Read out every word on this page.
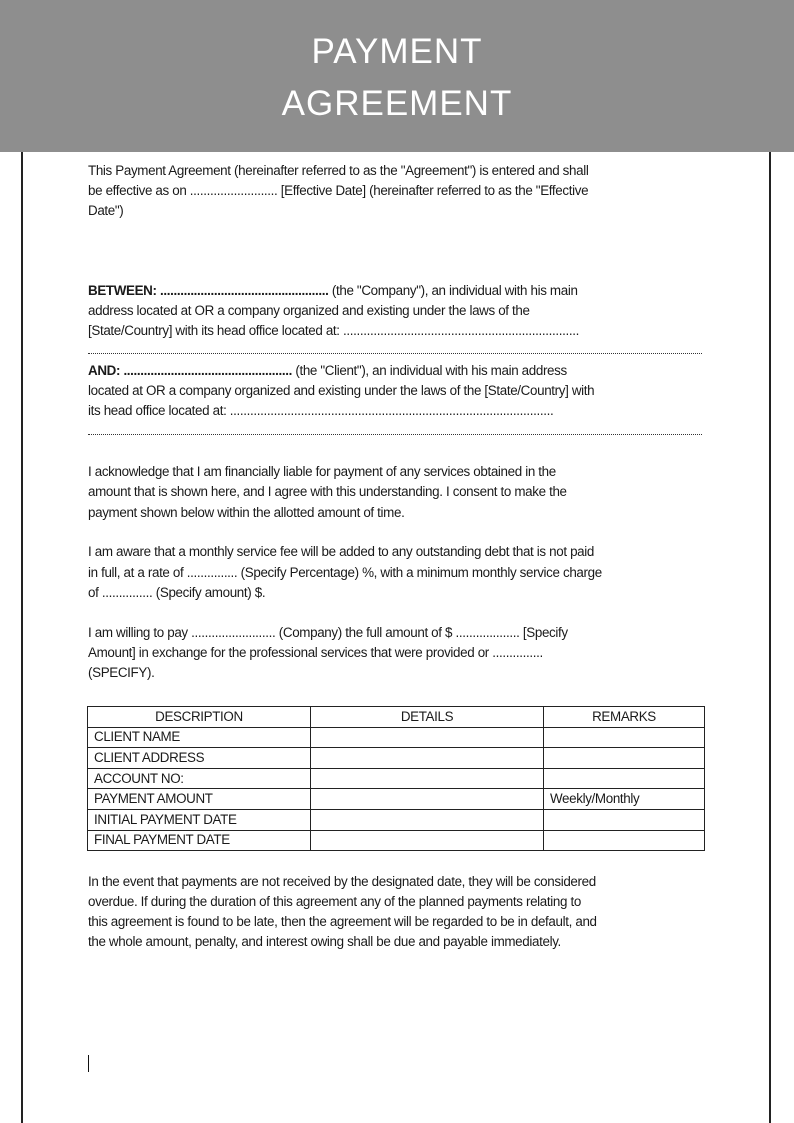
PAYMENT
AGREEMENT
This Payment Agreement (hereinafter referred to as the "Agreement") is entered and shall
be effective as on .......................... [Effective Date] (hereinafter referred to as the "Effective
Date")
BETWEEN: .................................................. (the "Company"), an individual with his main
address located at OR a company organized and existing under the laws of the
[State/Country] with its head office located at: ......................................................................
AND: .................................................. (the "Client"), an individual with his main address
located at OR a company organized and existing under the laws of the [State/Country] with
its head office located at: ................................................................................................
I acknowledge that I am financially liable for payment of any services obtained in the
amount that is shown here, and I agree with this understanding. I consent to make the
payment shown below within the allotted amount of time.
I am aware that a monthly service fee will be added to any outstanding debt that is not paid
in full, at a rate of ............... (Specify Percentage) %, with a minimum monthly service charge
of ............... (Specify amount) $.
I am willing to pay ......................... (Company) the full amount of $ ................... [Specify
Amount] in exchange for the professional services that were provided or ...............
(SPECIFY).
DESCRIPTION	DETAILS	REMARKS
CLIENT NAME		
CLIENT ADDRESS		
ACCOUNT NO:		
PAYMENT AMOUNT		Weekly/Monthly
INITIAL PAYMENT DATE		
FINAL PAYMENT DATE		
In the event that payments are not received by the designated date, they will be considered
overdue. If during the duration of this agreement any of the planned payments relating to
this agreement is found to be late, then the agreement will be regarded to be in default, and
the whole amount, penalty, and interest owing shall be due and payable immediately.
